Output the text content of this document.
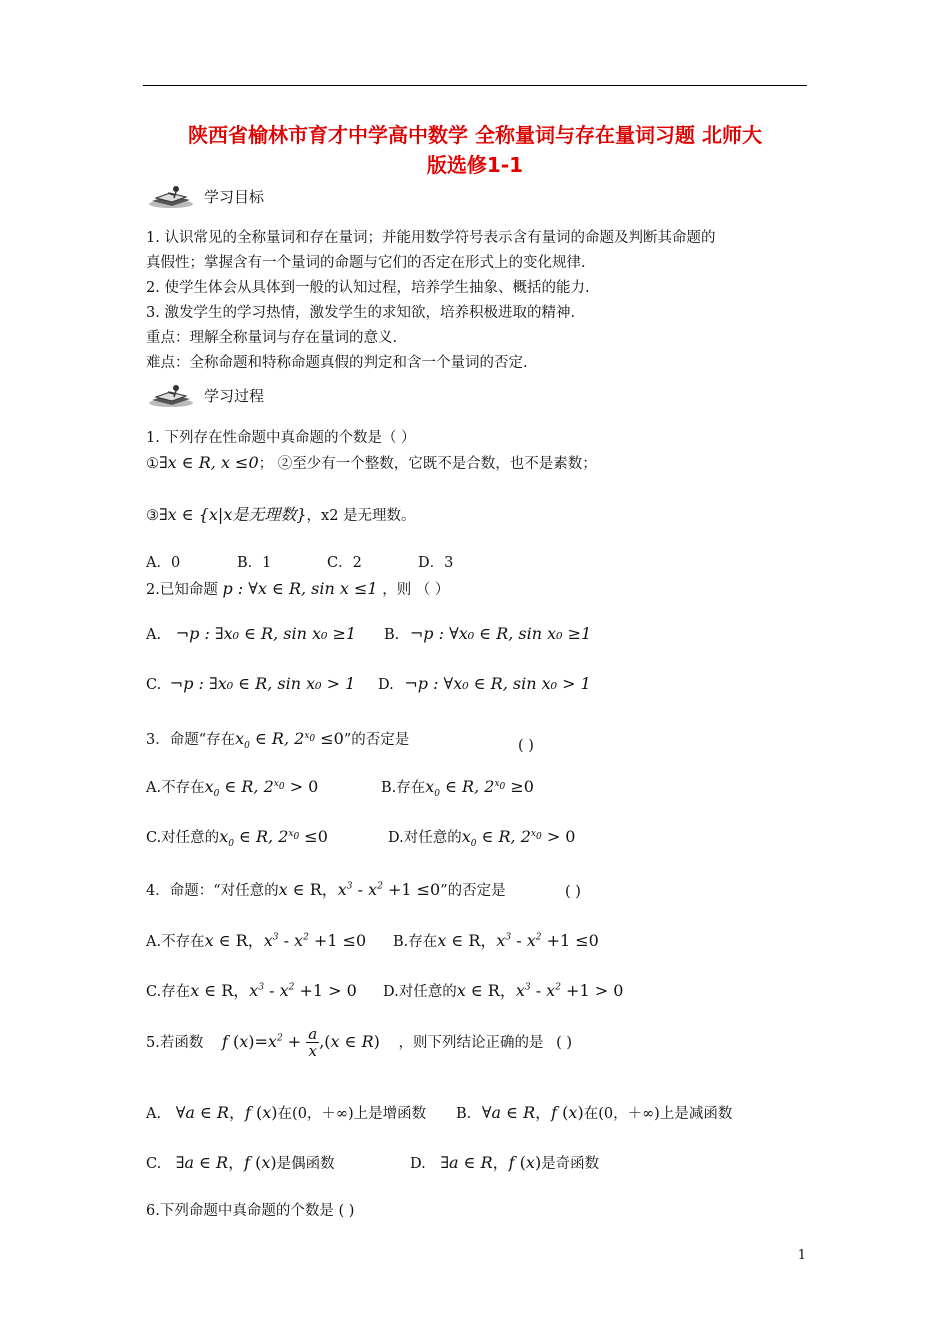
陕西省榆林市育才中学高中数学 全称量词与存在量词习题 北师大
版选修1-1
学习目标
1. 认识常见的全称量词和存在量词；并能用数学符号表示含有量词的命题及判断其命题的
真假性；掌握含有一个量词的命题与它们的否定在形式上的变化规律.
2. 使学生体会从具体到一般的认知过程，培养学生抽象、概括的能力.
3. 激发学生的学习热情，激发学生的求知欲，培养积极进取的精神.
重点：理解全称量词与存在量词的意义.
难点：全称命题和特称命题真假的判定和含一个量词的否定.
学习过程
1. 下列存在性命题中真命题的个数是（ ）
①∃x ∈ R, x ≤0； ②至少有一个整数，它既不是合数，也不是素数；
③∃x ∈ {x|x是无理数}，x2 是无理数。
A．0	B．1	C．2	D．3
2.已知命题 p : ∀x ∈ R, sin x ≤1 ，则 （ ）
A. ¬p : ∃x₀ ∈ R, sin x₀ ≥1 B. ¬p : ∀x₀ ∈ R, sin x₀ ≥1
C. ¬p : ∃x₀ ∈ R, sin x₀ > 1 D. ¬p : ∀x₀ ∈ R, sin x₀ > 1
3．命题“存在$x_0$ ∈ R, $2^{x_0} \le 0$”的否定是	( )
A.不存在$x_0$ ∈ R, $2^{x_0} > 0$	B.存在$x_0$ ∈ R, $2^{x_0} \ge 0$
C.对任意的$x_0$ ∈ R, $2^{x_0} \le 0$	D.对任意的$x_0$ ∈ R, $2^{x_0} > 0$
4．命题：“对任意的x ∈ R，$x^3 - x^2 +1 \le 0$”的否定是	( )
A.不存在x ∈ R，$x^3 - x^2 +1 \le 0$ B.存在x ∈ R，$x^3 - x^2 +1 \le 0$
C.存在x ∈ R，$x^3 - x^2 +1 > 0$ D.对任意的x ∈ R，$x^3 - x^2 +1 > 0$
5.若函数 f $(x)=x^2 + \frac{a}{x} ,(x$ ∈ R) ，则下列结论正确的是 ( )
A. ∀a ∈ R，f (x)在(0，＋∞)上是增函数 B. ∀a ∈ R，f (x)在(0，＋∞)上是减函数
C. ∃a ∈ R，f (x)是偶函数	D. ∃a ∈ R，f (x)是奇函数
6.下列命题中真命题的个数是 ( )
1
